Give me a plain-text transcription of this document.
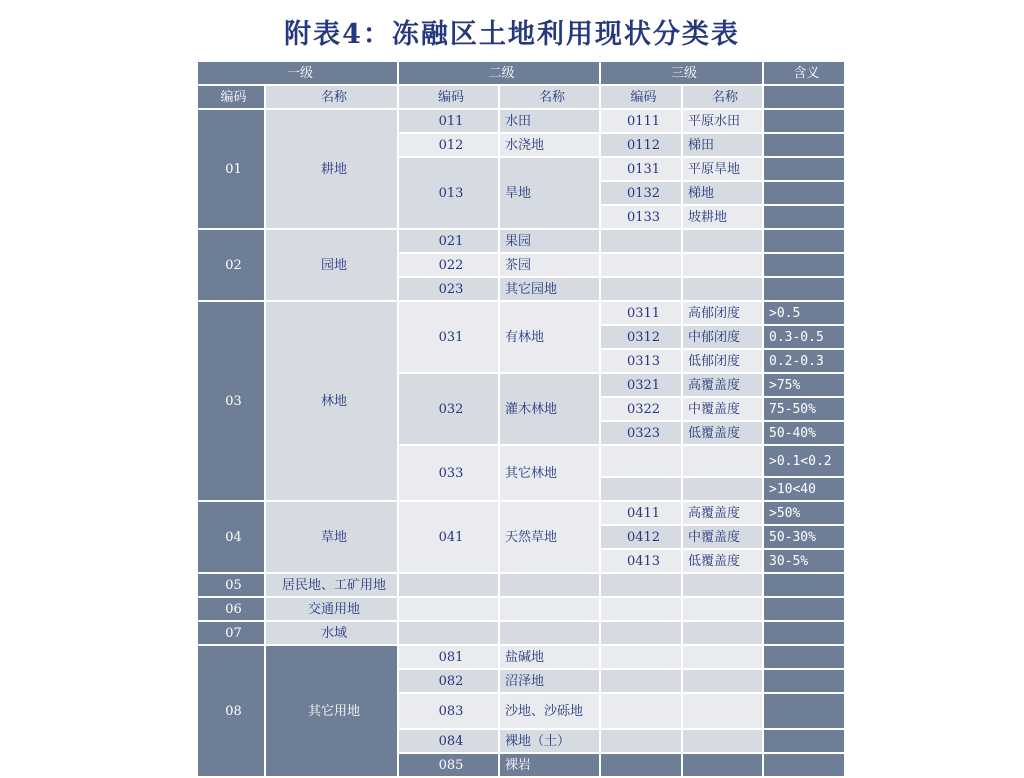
附表4：冻融区土地利用现状分类表
一级		二级		三级		含义
编码	名称	编码	名称	编码	名称	
01	耕地	011	水田	0111	平原水田	
		012	水浇地	0112	梯田	
		013	旱地	0131	平原旱地	
				0132	梯地	
				0133	坡耕地	
02	园地	021	果园			
		022	茶园			
		023	其它园地			
03	林地	031	有林地	0311	高郁闭度	>0.5
				0312	中郁闭度	0.3-0.5
				0313	低郁闭度	0.2-0.3
		032	灌木林地	0321	高覆盖度	>75%
				0322	中覆盖度	75-50%
				0323	低覆盖度	50-40%
		033	其它林地			>0.1<0.2
						>10<40
04	草地	041	天然草地	0411	高覆盖度	>50%
				0412	中覆盖度	50-30%
				0413	低覆盖度	30-5%
05	居民地、工矿用地					
06	交通用地					
07	水域					
08	其它用地	081	盐碱地			
		082	沼泽地			
		083	沙地、沙砾地			
		084	裸地（土）			
		085	裸岩			
